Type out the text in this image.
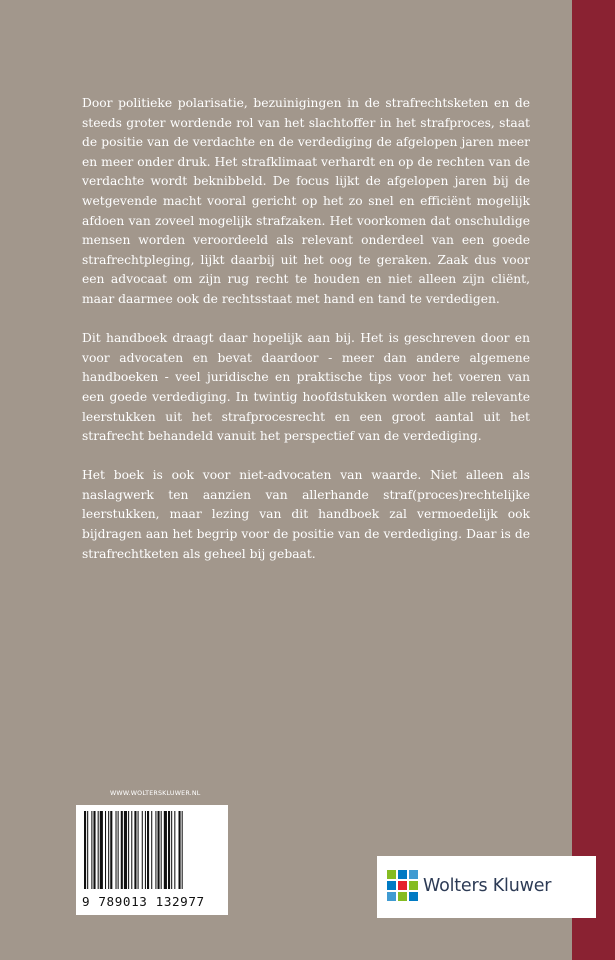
Door politieke polarisatie, bezuinigingen in de strafrechtsketen en de steeds groter wordende rol van het slachtoffer in het strafproces, staat de positie van de verdachte en de verdediging de afgelopen jaren meer en meer onder druk. Het strafklimaat verhardt en op de rechten van de verdachte wordt beknibbeld. De focus lijkt de afgelopen jaren bij de wetgevende macht vooral gericht op het zo snel en efficiënt mogelijk afdoen van zoveel mogelijk strafzaken. Het voorkomen dat onschuldige mensen worden veroordeeld als relevant onderdeel van een goede strafrechtpleging, lijkt daarbij uit het oog te geraken. Zaak dus voor een advocaat om zijn rug recht te houden en niet alleen zijn cliënt, maar daarmee ook de rechtsstaat met hand en tand te verdedigen.

Dit handboek draagt daar hopelijk aan bij. Het is geschreven door en voor advocaten en bevat daardoor - meer dan andere algemene handboeken - veel juridische en praktische tips voor het voeren van een goede verdediging. In twintig hoofdstukken worden alle relevante leerstukken uit het strafprocesrecht en een groot aantal uit het strafrecht behandeld vanuit het perspectief van de verdediging.

Het boek is ook voor niet-advocaten van waarde. Niet alleen als naslagwerk ten aanzien van allerhande straf(proces)rechtelijke leerstukken, maar lezing van dit handboek zal vermoedelijk ook bijdragen aan het begrip voor de positie van de verdediging. Daar is de strafrechtketen als geheel bij gebaat.

WWW.WOLTERSKLUWER.NL
9 789013 132977
Wolters Kluwer
